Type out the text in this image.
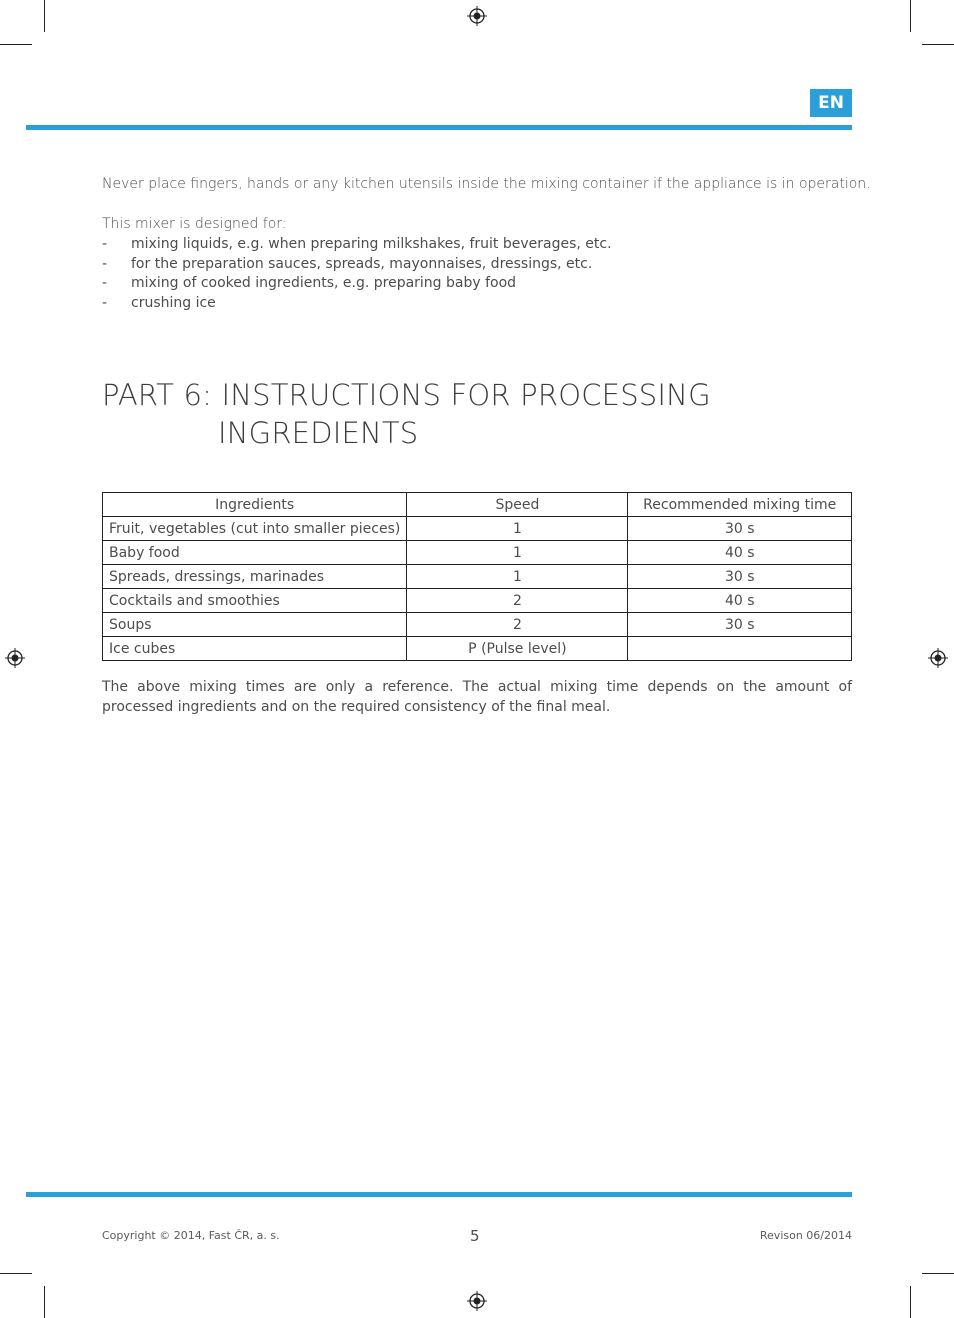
EN
Never place fingers, hands or any kitchen utensils inside the mixing container if the appliance is in operation.
This mixer is designed for:
- mixing liquids, e.g. when preparing milkshakes, fruit beverages, etc.
- for the preparation sauces, spreads, mayonnaises, dressings, etc.
- mixing of cooked ingredients, e.g. preparing baby food
- crushing ice
PART 6: INSTRUCTIONS FOR PROCESSING
INGREDIENTS
Ingredients	Speed	Recommended mixing time
Fruit, vegetables (cut into smaller pieces)	1	30 s
Baby food	1	40 s
Spreads, dressings, marinades	1	30 s
Cocktails and smoothies	2	40 s
Soups	2	30 s
Ice cubes	P (Pulse level)	
The above mixing times are only a reference. The actual mixing time depends on the amount of processed ingredients and on the required consistency of the final meal.
Copyright © 2014, Fast ČR, a. s.	5	Revison 06/2014
